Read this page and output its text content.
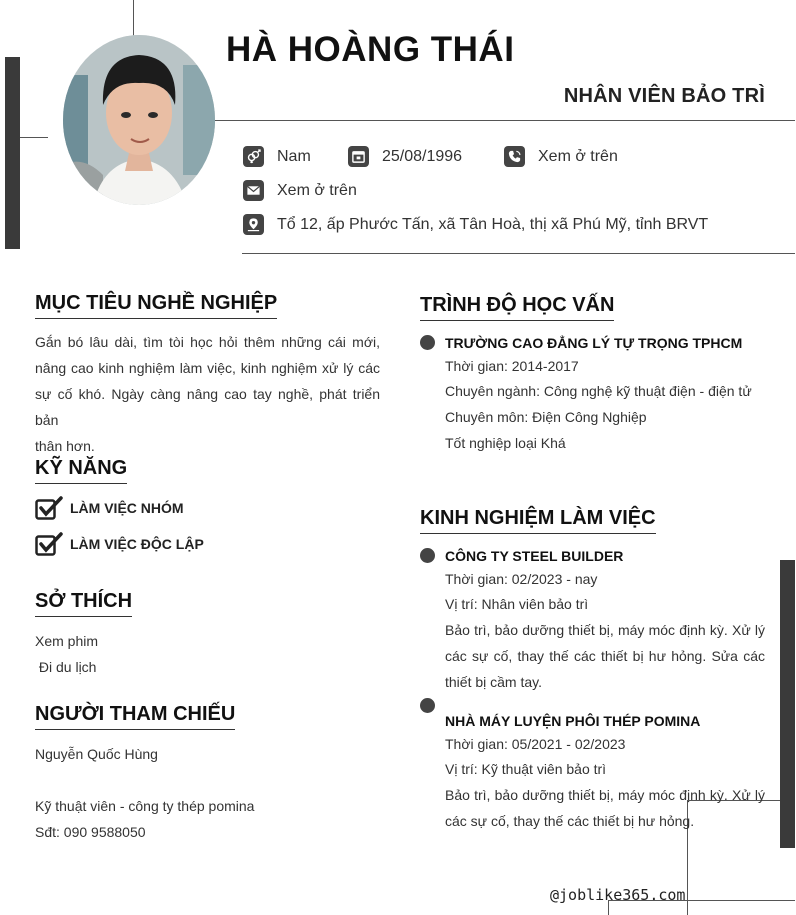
HÀ HOÀNG THÁI
NHÂN VIÊN BẢO TRÌ
Nam	25/08/1996	Xem ở trên
Xem ở trên
Tổ 12, ấp Phước Tấn, xã Tân Hoà, thị xã Phú Mỹ, tỉnh BRVT
MỤC TIÊU NGHỀ NGHIỆP
Gắn bó lâu dài, tìm tòi học hỏi thêm những cái mới,
nâng cao kinh nghiệm làm việc, kinh nghiệm xử lý các
sự cố khó. Ngày càng nâng cao tay nghề, phát triển bản
thân hơn.
KỸ NĂNG
LÀM VIỆC NHÓM
LÀM VIỆC ĐỘC LẬP
SỞ THÍCH
Xem phim
Đi du lịch
NGƯỜI THAM CHIẾU
Nguyễn Quốc Hùng
Kỹ thuật viên - công ty thép pomina
Sđt: 090 9588050
TRÌNH ĐỘ HỌC VẤN
TRƯỜNG CAO ĐẲNG LÝ TỰ TRỌNG TPHCM
Thời gian: 2014-2017
Chuyên ngành: Công nghệ kỹ thuật điện - điện tử
Chuyên môn: Điện Công Nghiệp
Tốt nghiệp loại Khá
KINH NGHIỆM LÀM VIỆC
CÔNG TY STEEL BUILDER
Thời gian: 02/2023 - nay
Vị trí: Nhân viên bảo trì
Bảo trì, bảo dưỡng thiết bị, máy móc định kỳ. Xử lý
các sự cố, thay thế các thiết bị hư hỏng. Sửa các
thiết bị cầm tay.
NHÀ MÁY LUYỆN PHÔI THÉP POMINA
Thời gian: 05/2021 - 02/2023
Vị trí: Kỹ thuật viên bảo trì
Bảo trì, bảo dưỡng thiết bị, máy móc định kỳ. Xử lý
các sự cố, thay thế các thiết bị hư hỏng.
@joblike365.com
